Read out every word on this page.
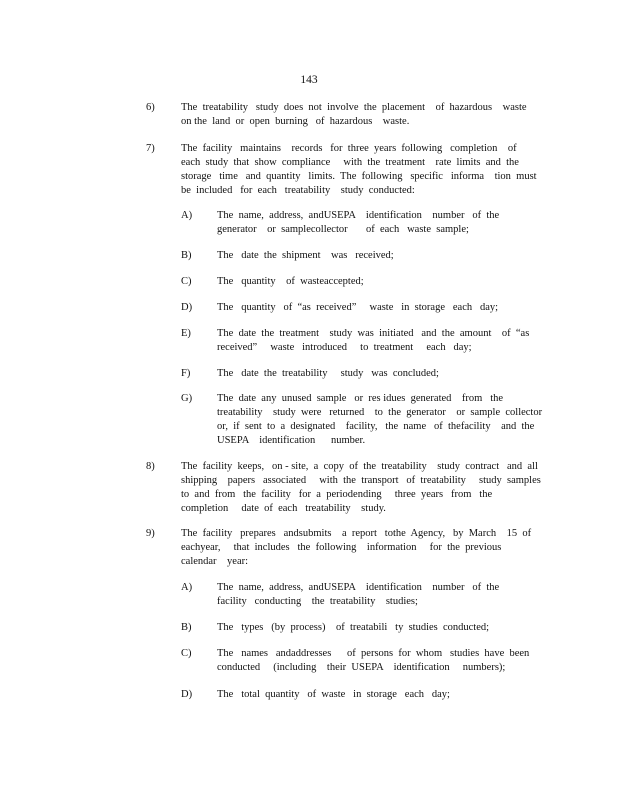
143
6)	The  treatability   study  does  not  involve  the  placement    of  hazardous    waste
on the  land  or  open  burning   of  hazardous    waste.
7)	The  facility   maintains    records   for  three  years  following   completion    of
each  study  that  show  compliance     with  the  treatment    rate  limits  and  the
storage   time   and  quantity   limits.  The  following   specific   informa    tion  must
be  included   for  each   treatability    study  conducted:
A) The  name,  address,  andUSEPA    identification    number   of  the
generator    or  samplecollector       of  each   waste  sample;
B) The   date  the  shipment    was   received;
C) The   quantity    of  wasteaccepted;
D) The   quantity   of  “as  received”     waste   in  storage   each   day;
E) The  date  the  treatment    study  was  initiated   and  the  amount    of  “as
received”     waste   introduced     to  treatment     each   day;
F)	The   date  the  treatability     study   was  concluded;
G) The  date  any  unused  sample   or  res idues  generated    from   the
treatability    study  were   returned    to  the  generator    or  sample  collector
or,  if  sent  to  a  designated    facility,   the  name   of  thefacility    and  the
USEPA    identification      number.
8)	The  facility  keeps,   on - site,  a  copy  of  the  treatability    study  contract   and  all
shipping    papers   associated     with  the  transport   of  treatability     study  samples
to  and  from   the  facility   for  a  periodending     three  years   from   the
completion     date  of  each   treatability    study.
9)	The  facility   prepares   andsubmits    a  report   tothe  Agency,   by  March    15  of
eachyear,     that  includes   the  following    information     for  the  previous
calendar    year:
A) The  name,  address,  andUSEPA    identification    number   of  the
facility   conducting    the  treatability    studies;
B) The   types   (by  process)    of  treatabili   ty  studies  conducted;
C) The   names   andaddresses      of  persons  for  whom   studies  have  been
conducted     (including    their  USEPA    identification     numbers);
D) The   total  quantity   of  waste   in  storage   each   day;
